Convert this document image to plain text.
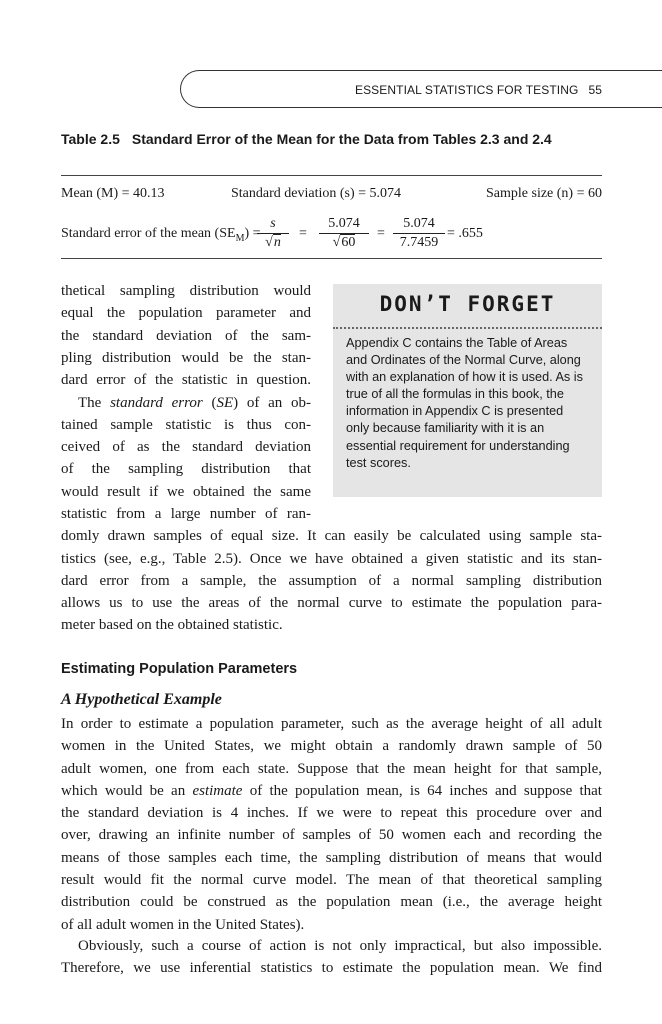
ESSENTIAL STATISTICS FOR TESTING 55
Table 2.5 Standard Error of the Mean for the Data from Tables 2.3 and 2.4
Mean (M) = 40.13	Standard deviation (s) = 5.074	Sample size (n) = 60
Standard error of the mean $(SE_M)$ =
$\frac{s}{√n} = \frac{5.074}{√60} = \frac{5.074}{7.7459} = .655$
DON’T FORGET
Appendix C contains the Table of Areas and Ordinates of the Normal Curve, along with an explanation of how it is used. As is true of all the formulas in this book, the information in Appendix C is presented only because familiarity with it is an essential requirement for understanding test scores.
thetical sampling distribution would
equal the population parameter and
the standard deviation of the sam-
pling distribution would be the stan-
dard error of the statistic in question.
The standard error (SE) of an ob-
tained sample statistic is thus con-
ceived of as the standard deviation
of the sampling distribution that
would result if we obtained the same
statistic from a large number of ran-
domly drawn samples of equal size. It can easily be calculated using sample sta-
tistics (see, e.g., Table 2.5). Once we have obtained a given statistic and its stan-
dard error from a sample, the assumption of a normal sampling distribution
allows us to use the areas of the normal curve to estimate the population para-
meter based on the obtained statistic.
Estimating Population Parameters
A Hypothetical Example
In order to estimate a population parameter, such as the average height of all adult
women in the United States, we might obtain a randomly drawn sample of 50
adult women, one from each state. Suppose that the mean height for that sample,
which would be an estimate of the population mean, is 64 inches and suppose that
the standard deviation is 4 inches. If we were to repeat this procedure over and
over, drawing an infinite number of samples of 50 women each and recording the
means of those samples each time, the sampling distribution of means that would
result would fit the normal curve model. The mean of that theoretical sampling
distribution could be construed as the population mean (i.e., the average height
of all adult women in the United States).
Obviously, such a course of action is not only impractical, but also impossible.
Therefore, we use inferential statistics to estimate the population mean. We find
